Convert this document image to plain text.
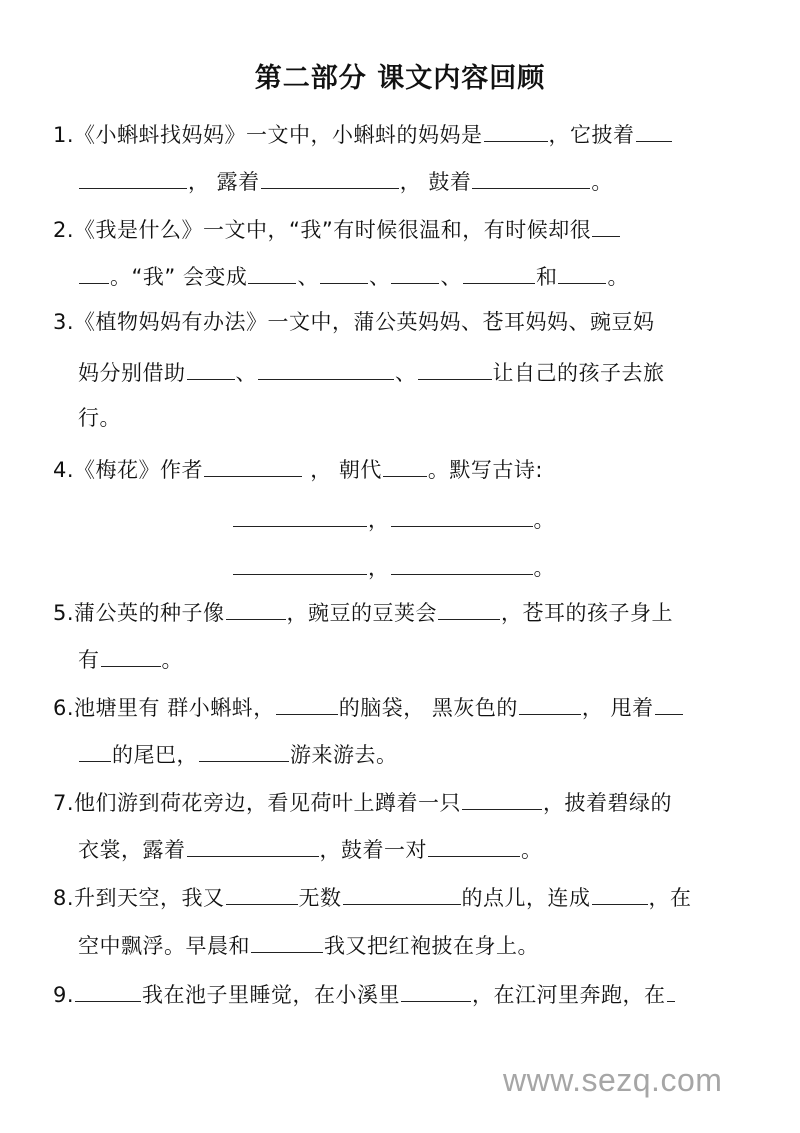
第二部分 课文内容回顾
1.《小蝌蚪找妈妈》一文中，小蝌蚪的妈妈是	，它披着
， 露着	， 鼓着	。
2.《我是什么》一文中，“我”有时候很温和，有时候却很
。“我” 会变成 、 、 、	和 。
3.《植物妈妈有办法》一文中，蒲公英妈妈、苍耳妈妈、豌豆妈
妈分别借助 、	、	让自己的孩子去旅
行。
4.《梅花》作者	， 朝代 。默写古诗:
，	。
，	。
5.蒲公英的种子像	，豌豆的豆荚会	，苍耳的孩子身上
有	。
6.池塘里有 群小蝌蚪，	的脑袋， 黑灰色的	， 甩着
的尾巴，	游来游去。
7.他们游到荷花旁边，看见荷叶上蹲着一只	，披着碧绿的
衣裳，露着	，鼓着一对	。
8.升到天空，我又	无数	的点儿，连成	，在
空中飘浮。早晨和	我又把红袍披在身上。
9.	我在池子里睡觉，在小溪里	，在江河里奔跑，在
www.sezq.com
